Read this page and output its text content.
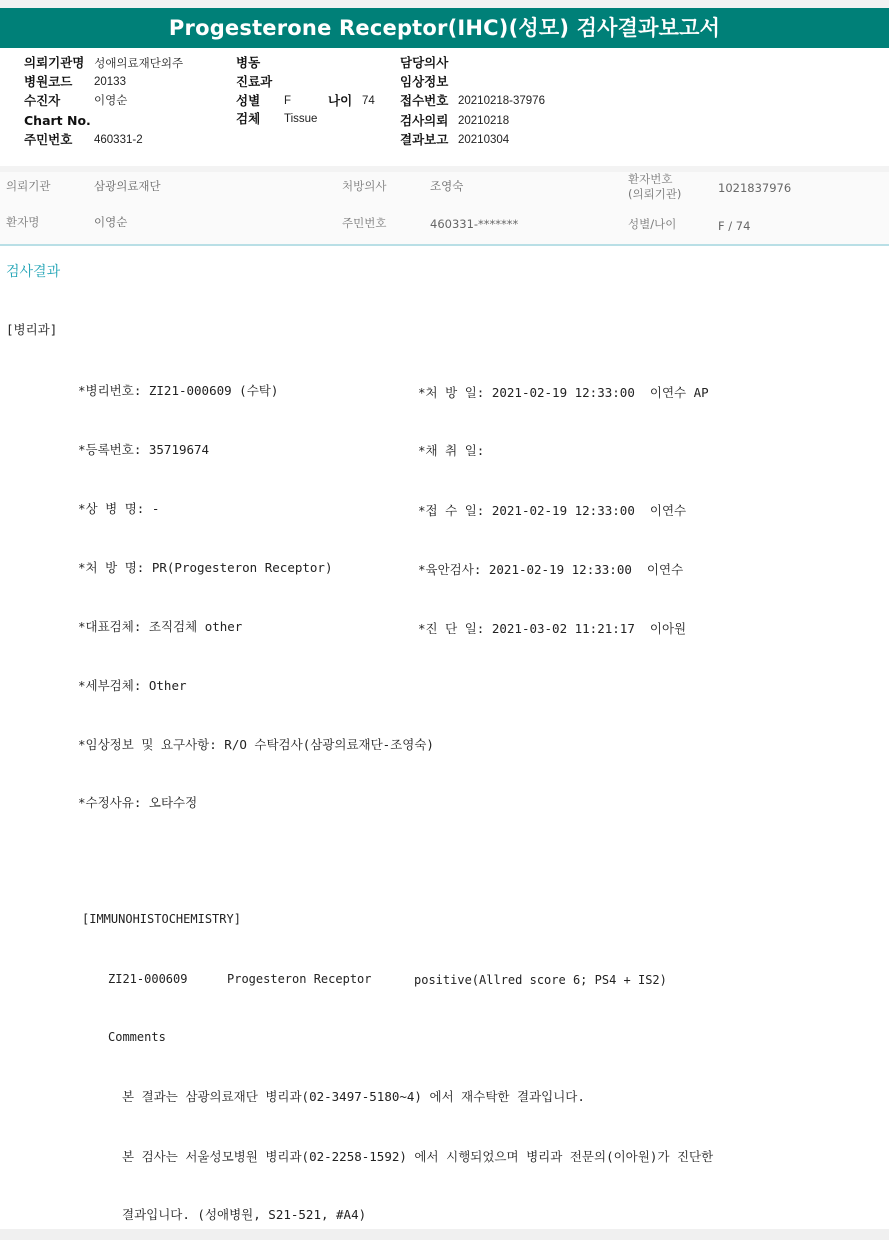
Progesterone Receptor(IHC)(성모) 검사결과보고서
의뢰기관명 성애의료재단외주
병원코드 20133
수진자	이영순
Chart No.
주민번호 460331-2
병동
진료과
성별 F	나이 74
검체 Tissue
담당의사
임상정보
접수번호 20210218-37976
검사의뢰 20210218
결과보고 20210304
의뢰기관	삼광의료재단	처방의사	조영숙	환자번호
(의뢰기관)	1021837976
환자명	이영순	주민번호	460331-*******	성별/나이	F / 74
검사결과
[병리과]
*병리번호: ZI21-000609 (수탁)
*등록번호: 35719674
*상 병 명: -
*처 방 명: PR(Progesteron Receptor)
*대표검체: 조직검체 other
*세부검체: Other
*임상정보 및 요구사항: R/O 수탁검사(삼광의료재단-조영숙)
*수정사유: 오타수정
*처 방 일: 2021-02-19 12:33:00  이연수 AP
*채 취 일:
*접 수 일: 2021-02-19 12:33:00  이연수
*육안검사: 2021-02-19 12:33:00  이연수
*진 단 일: 2021-03-02 11:21:17  이아원
[IMMUNOHISTOCHEMISTRY]
ZI21-000609	Progesteron Receptor	positive(Allred score 6; PS4 + IS2)
Comments
본 결과는 삼광의료재단 병리과(02-3497-5180~4) 에서 재수탁한 결과입니다.
본 검사는 서울성모병원 병리과(02-2258-1592) 에서 시행되었으며 병리과 전문의(이아원)가 진단한
결과입니다. (성애병원, S21-521, #A4)
